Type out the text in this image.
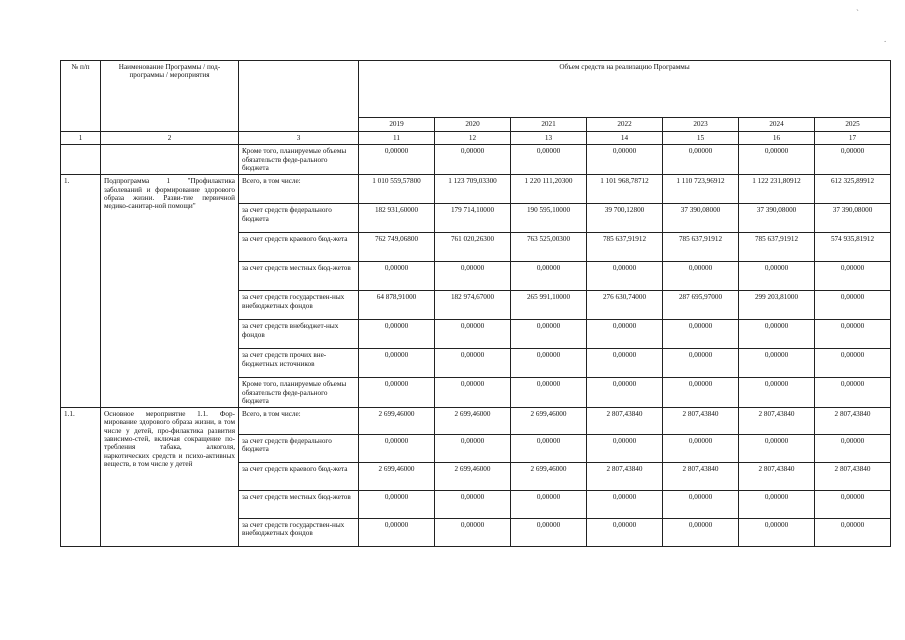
`
.
№ п/п	Наименование Программы / под-программы / мероприятия		Объем средств на реализацию Программы						
			2019	2020	2021	2022	2023	2024	2025
1	2	3	11	12	13	14	15	16	17
		Кроме того, планируемые объемы обязательств феде-рального бюджета	0,00000	0,00000	0,00000	0,00000	0,00000	0,00000	0,00000
1.	Подпрограмма 1 "Профилактика заболеваний и формирование здорового образа жизни. Разви-тие первичной медико-санитар-ной помощи"	Всего, в том числе:	1 010 559,57800	1 123 709,03300	1 220 111,20300	1 101 968,78712	1 110 723,96912	1 122 231,80912	612 325,89912
		за счет средств федерального бюджета	182 931,60000	179 714,10000	190 595,10000	39 700,12800	37 390,08000	37 390,08000	37 390,08000
		за счет средств краевого бюд-жета	762 749,06800	761 020,26300	763 525,00300	785 637,91912	785 637,91912	785 637,91912	574 935,81912
		за счет средств местных бюд-жетов	0,00000	0,00000	0,00000	0,00000	0,00000	0,00000	0,00000
		за счет средств государствен-ных внебюджетных фондов	64 878,91000	182 974,67000	265 991,10000	276 630,74000	287 695,97000	299 203,81000	0,00000
		за счет средств внебюджет-ных фондов	0,00000	0,00000	0,00000	0,00000	0,00000	0,00000	0,00000
		за счет средств прочих вне-бюджетных источников	0,00000	0,00000	0,00000	0,00000	0,00000	0,00000	0,00000
		Кроме того, планируемые объемы обязательств феде-рального бюджета	0,00000	0,00000	0,00000	0,00000	0,00000	0,00000	0,00000
1.1.	Основное мероприятие 1.1. Фор-мирование здорового образа жизни, в том числе у детей, про-филактика развития зависимо-стей, включая сокращение по-требления табака, алкоголя, наркотических средств и психо-активных веществ, в том числе у детей	Всего, в том числе:	2 699,46000	2 699,46000	2 699,46000	2 807,43840	2 807,43840	2 807,43840	2 807,43840
		за счет средств федерального бюджета	0,00000	0,00000	0,00000	0,00000	0,00000	0,00000	0,00000
		за счет средств краевого бюд-жета	2 699,46000	2 699,46000	2 699,46000	2 807,43840	2 807,43840	2 807,43840	2 807,43840
		за счет средств местных бюд-жетов	0,00000	0,00000	0,00000	0,00000	0,00000	0,00000	0,00000
		за счет средств государствен-ных внебюджетных фондов	0,00000	0,00000	0,00000	0,00000	0,00000	0,00000	0,00000
